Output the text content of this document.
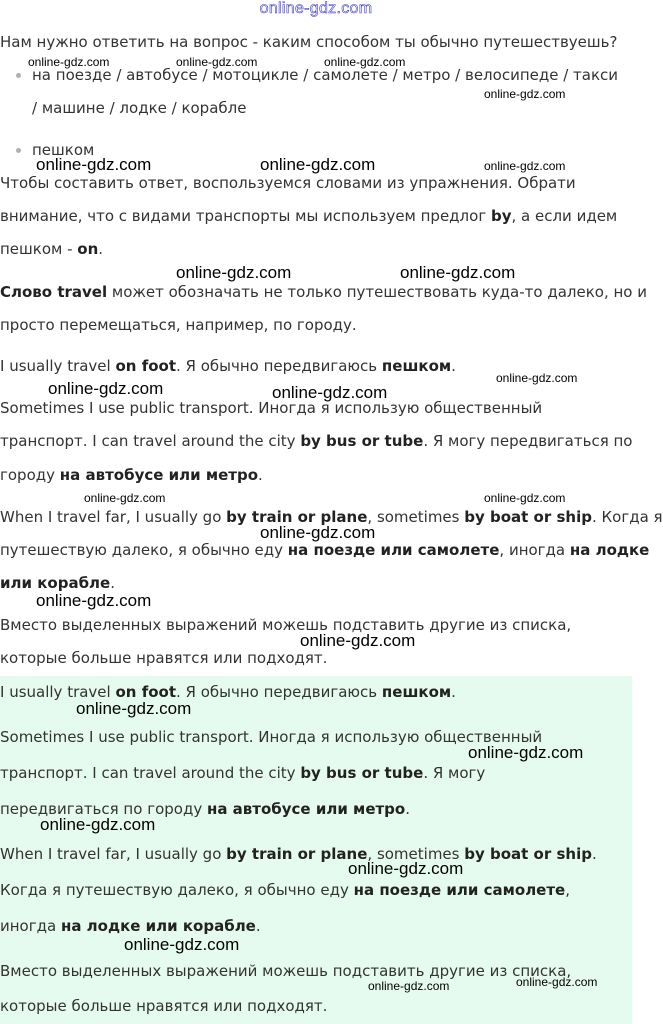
online-gdz.com
Нам нужно ответить на вопрос - каким способом ты обычно путешествуешь?
на поезде / автобусе / мотоцикле / самолете / метро / велосипеде / такси
/ машине / лодке / корабле
пешком
Чтобы составить ответ, воспользуемся словами из упражнения. Обрати
внимание, что с видами транспорты мы используем предлог by, а если идем
пешком - on.
Слово travel может обозначать не только путешествовать куда-то далеко, но и
просто перемещаться, например, по городу.
I usually travel on foot. Я обычно передвигаюсь пешком.
Sometimes I use public transport. Иногда я использую общественный
транспорт. I can travel around the city by bus or tube. Я могу передвигаться по
городу на автобусе или метро.
When I travel far, I usually go by train or plane, sometimes by boat or ship. Когда я
путешествую далеко, я обычно еду на поезде или самолете, иногда на лодке
или корабле.
Вместо выделенных выражений можешь подставить другие из списка,
которые больше нравятся или подходят.
I usually travel on foot. Я обычно передвигаюсь пешком.
Sometimes I use public transport. Иногда я использую общественный
транспорт. I can travel around the city by bus or tube. Я могу
передвигаться по городу на автобусе или метро.
When I travel far, I usually go by train or plane, sometimes by boat or ship.
Когда я путешествую далеко, я обычно еду на поезде или самолете,
иногда на лодке или корабле.
Вместо выделенных выражений можешь подставить другие из списка,
которые больше нравятся или подходят.
online-gdz.com	online-gdz.com	online-gdz.com
online-gdz.com
online-gdz.com	online-gdz.com	online-gdz.com
online-gdz.com	online-gdz.com
online-gdz.com
online-gdz.com	online-gdz.com
online-gdz.com	online-gdz.com
online-gdz.com
online-gdz.com
online-gdz.com
online-gdz.com
online-gdz.com
online-gdz.com
online-gdz.com
online-gdz.com
online-gdz.com
online-gdz.com
